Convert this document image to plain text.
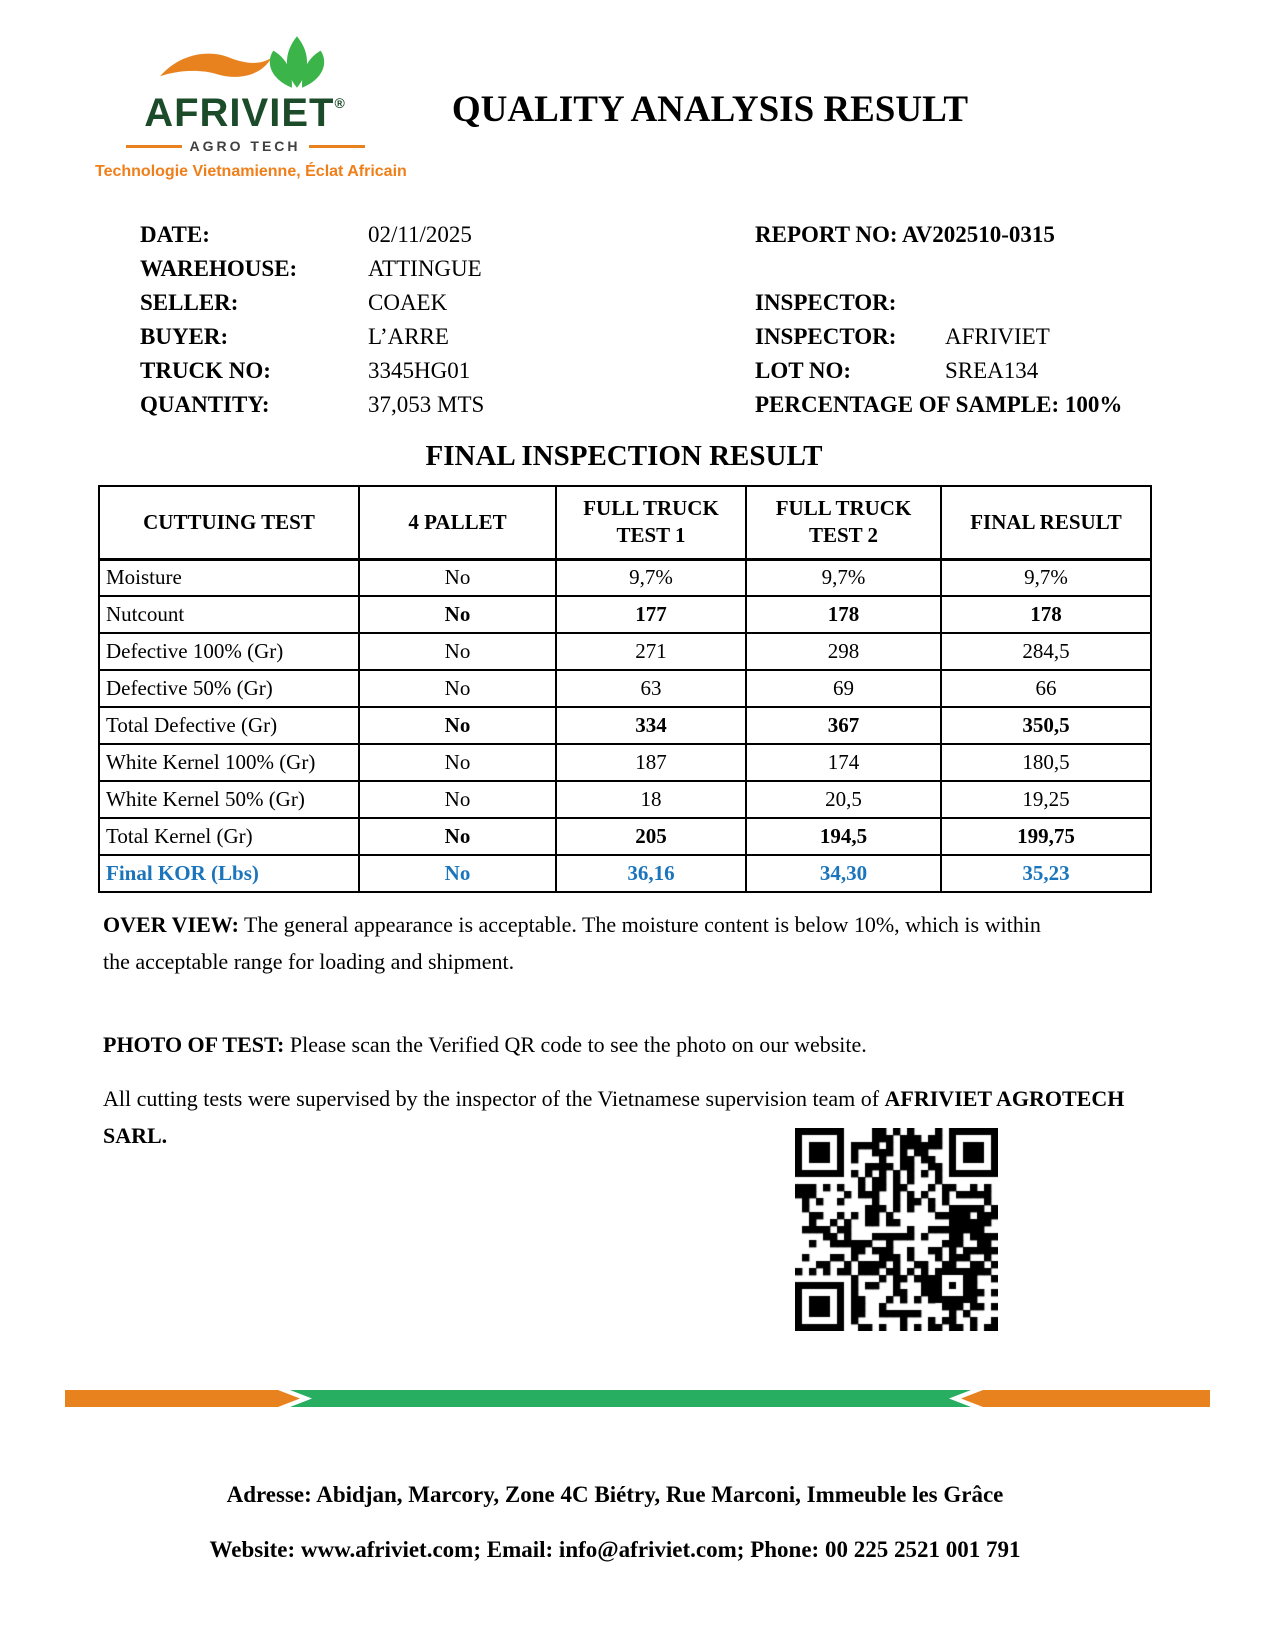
AFRIVIET®
AGRO TECH
Technologie Vietnamienne, Éclat Africain
QUALITY ANALYSIS RESULT
DATE:	02/11/2025
WAREHOUSE:	ATTINGUE
SELLER:	COAEK
BUYER:	L’ARRE
TRUCK NO:	3345HG01
QUANTITY:	37,053 MTS
REPORT NO: AV202510-0315
INSPECTOR:
INSPECTOR: AFRIVIET
LOT NO:	SREA134
PERCENTAGE OF SAMPLE: 100%
FINAL INSPECTION RESULT
CUTTUING TEST	4 PALLET	FULL TRUCK TEST 1	FULL TRUCK TEST 2	FINAL RESULT
Moisture	No	9,7%	9,7%	9,7%
Nutcount	No	177	178	178
Defective 100% (Gr)	No	271	298	284,5
Defective 50% (Gr)	No	63	69	66
Total Defective (Gr)	No	334	367	350,5
White Kernel 100% (Gr)	No	187	174	180,5
White Kernel 50% (Gr)	No	18	20,5	19,25
Total Kernel (Gr)	No	205	194,5	199,75
Final KOR (Lbs)	No	36,16	34,30	35,23
OVER VIEW: The general appearance is acceptable. The moisture content is below 10%, which is within the acceptable range for loading and shipment.
PHOTO OF TEST: Please scan the Verified QR code to see the photo on our website.
All cutting tests were supervised by the inspector of the Vietnamese supervision team of AFRIVIET AGROTECH SARL.
Adresse: Abidjan, Marcory, Zone 4C Biétry, Rue Marconi, Immeuble les Grâce
Website: www.afriviet.com; Email: info@afriviet.com; Phone: 00 225 2521 001 791
